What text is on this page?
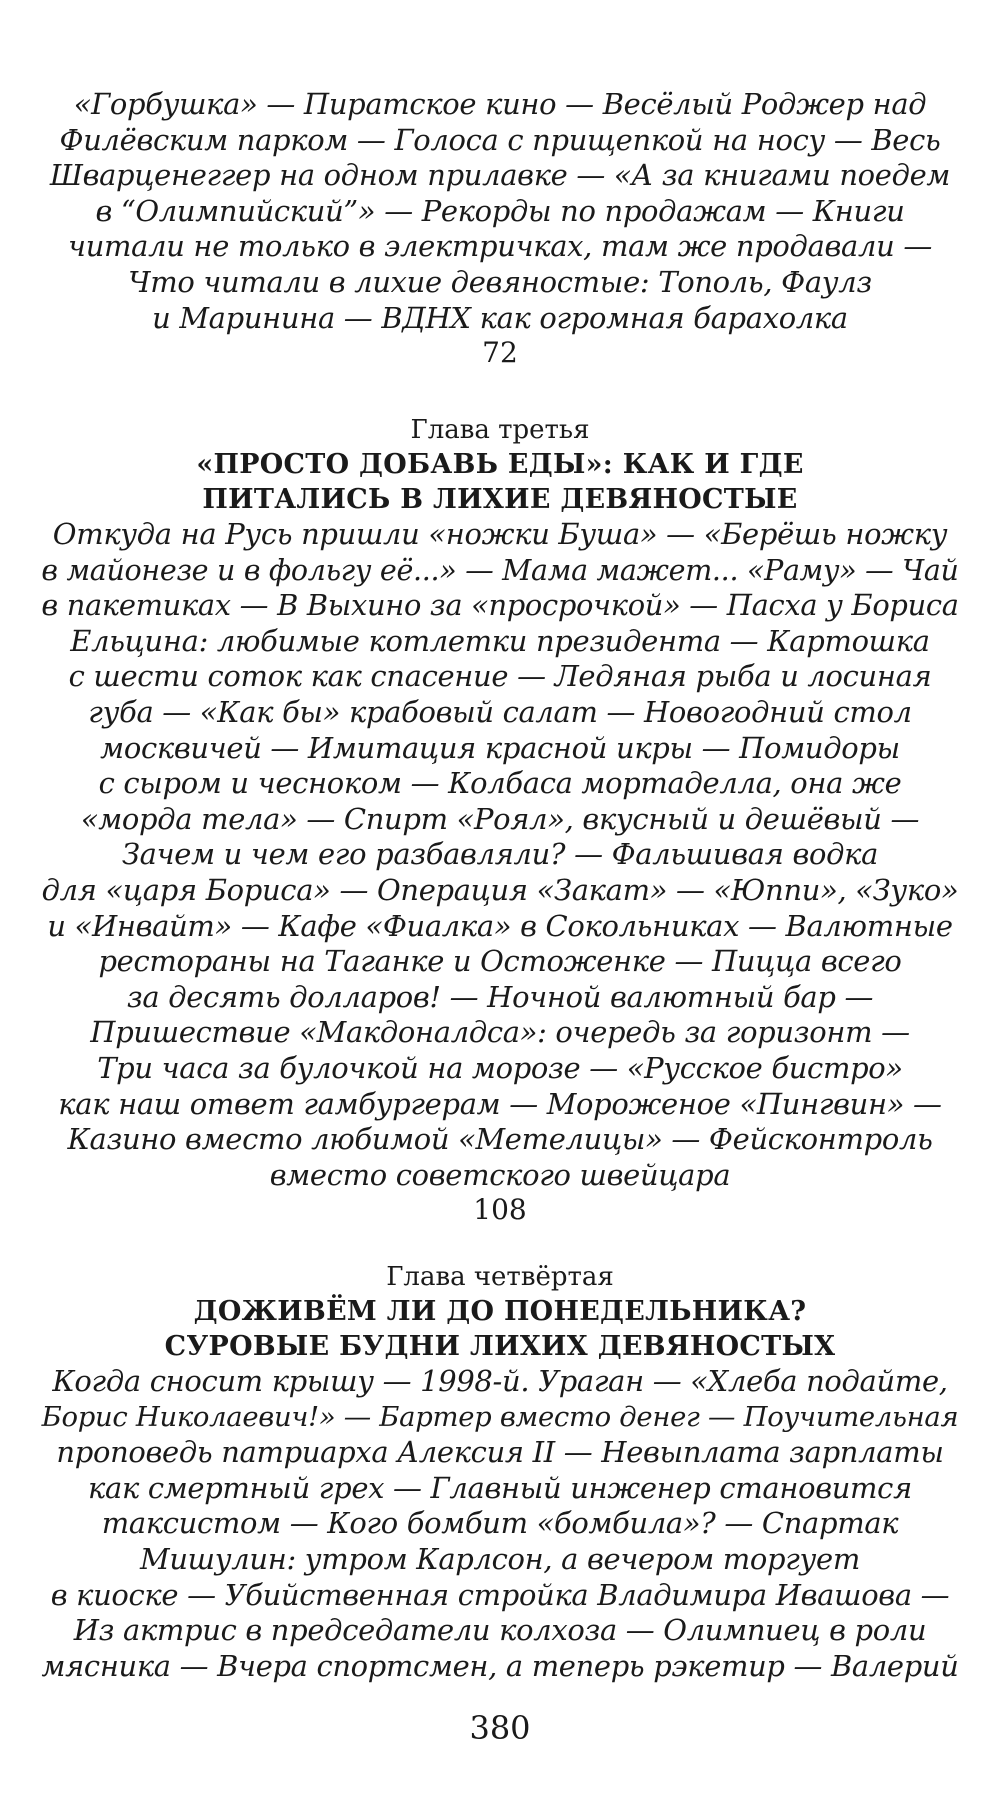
«Горбушка» — Пиратское кино — Весёлый Роджер над
Филёвским парком — Голоса с прищепкой на носу — Весь
Шварценеггер на одном прилавке — «А за книгами поедем
в “Олимпийский”» — Рекорды по продажам — Книги
читали не только в электричках, там же продавали —
Что читали в лихие девяностые: Тополь, Фаулз
и Маринина — ВДНХ как огромная барахолка

72

Глава третья

«ПРОСТО ДОБАВЬ ЕДЫ»: КАК И ГДЕ
ПИТАЛИСЬ В ЛИХИЕ ДЕВЯНОСТЫЕ

Откуда на Русь пришли «ножки Буша» — «Берёшь ножку
в майонезе и в фольгу её...» — Мама мажет... «Раму» — Чай
в пакетиках — В Выхино за «просрочкой» — Пасха у Бориса
Ельцина: любимые котлетки президента — Картошка
с шести соток как спасение — Ледяная рыба и лосиная
губа — «Как бы» крабовый салат — Новогодний стол
москвичей — Имитация красной икры — Помидоры
с сыром и чесноком — Колбаса мортаделла, она же
«морда тела» — Спирт «Роял», вкусный и дешёвый —
Зачем и чем его разбавляли? — Фальшивая водка
для «царя Бориса» — Операция «Закат» — «Юппи», «Зуко»
и «Инвайт» — Кафе «Фиалка» в Сокольниках — Валютные
рестораны на Таганке и Остоженке — Пицца всего
за десять долларов! — Ночной валютный бар —
Пришествие «Макдоналдса»: очередь за горизонт —
Три часа за булочкой на морозе — «Русское бистро»
как наш ответ гамбургерам — Мороженое «Пингвин» —
Казино вместо любимой «Метелицы» — Фейсконтроль
вместо советского швейцара

108

Глава четвёртая

ДОЖИВЁМ ЛИ ДО ПОНЕДЕЛЬНИКА?
СУРОВЫЕ БУДНИ ЛИХИХ ДЕВЯНОСТЫХ

Когда сносит крышу — 1998-й. Ураган — «Хлеба подайте,
Борис Николаевич!» — Бартер вместо денег — Поучительная
проповедь патриарха Алексия II — Невыплата зарплаты
как смертный грех — Главный инженер становится
таксистом — Кого бомбит «бомбила»? — Спартак
Мишулин: утром Карлсон, а вечером торгует
в киоске — Убийственная стройка Владимира Ивашова —
Из актрис в председатели колхоза — Олимпиец в роли
мясника — Вчера спортсмен, а теперь рэкетир — Валерий

380
